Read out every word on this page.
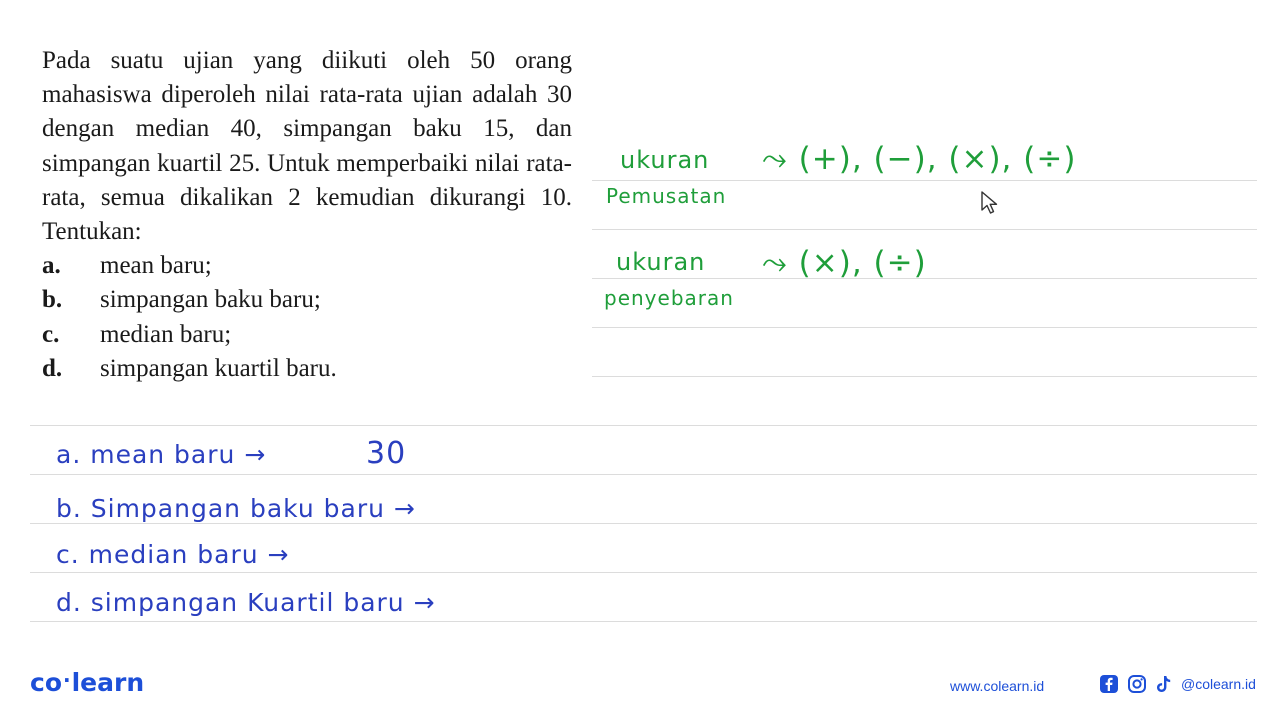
Pada suatu ujian yang diikuti oleh 50 orang mahasiswa diperoleh nilai rata-rata ujian adalah 30 dengan median 40, simpangan baku 15, dan simpangan kuartil 25. Untuk memperbaiki nilai rata-rata, semua dikalikan 2 kemudian dikurangi 10. Tentukan:
a.	mean baru;
b.	simpangan baku baru;
c.	median baru;
d.	simpangan kuartil baru.
ukuran
Pemusatan
⤳ (+), (−), (×), (÷)
ukuran
penyebaran
⤳ (×), (÷)
a. mean baru →	30
b. Simpangan baku baru →
c. median baru →
d. simpangan Kuartil baru →
co·learn	www.colearn.id	@colearn.id
